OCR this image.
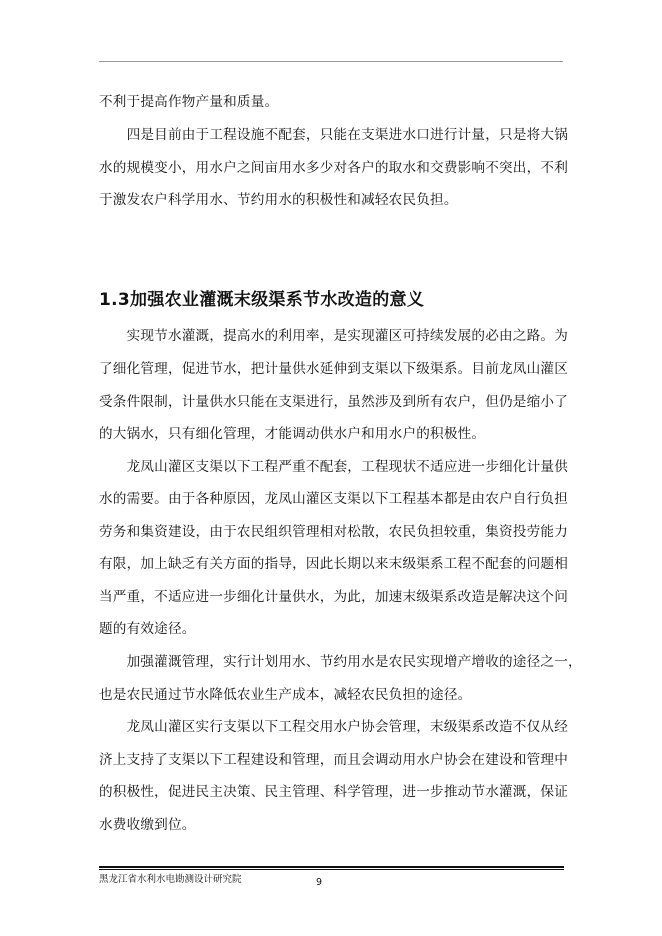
不利于提高作物产量和质量。
　　四是目前由于工程设施不配套，只能在支渠进水口进行计量，只是将大锅
水的规模变小，用水户之间亩用水多少对各户的取水和交费影响不突出，不利
于激发农户科学用水、节约用水的积极性和减轻农民负担。
1.3加强农业灌溉末级渠系节水改造的意义
　　实现节水灌溉，提高水的利用率，是实现灌区可持续发展的必由之路。为
了细化管理，促进节水，把计量供水延伸到支渠以下级渠系。目前龙凤山灌区
受条件限制，计量供水只能在支渠进行，虽然涉及到所有农户，但仍是缩小了
的大锅水，只有细化管理，才能调动供水户和用水户的积极性。
　　龙凤山灌区支渠以下工程严重不配套，工程现状不适应进一步细化计量供
水的需要。由于各种原因，龙凤山灌区支渠以下工程基本都是由农户自行负担
劳务和集资建设，由于农民组织管理相对松散，农民负担较重，集资投劳能力
有限，加上缺乏有关方面的指导，因此长期以来末级渠系工程不配套的问题相
当严重，不适应进一步细化计量供水，为此，加速末级渠系改造是解决这个问
题的有效途径。
　　加强灌溉管理，实行计划用水、节约用水是农民实现增产增收的途径之一，
也是农民通过节水降低农业生产成本，减轻农民负担的途径。
　　龙凤山灌区实行支渠以下工程交用水户协会管理，末级渠系改造不仅从经
济上支持了支渠以下工程建设和管理，而且会调动用水户协会在建设和管理中
的积极性，促进民主决策、民主管理、科学管理，进一步推动节水灌溉，保证
水费收缴到位。
黑龙江省水利水电勘测设计研究院	9
